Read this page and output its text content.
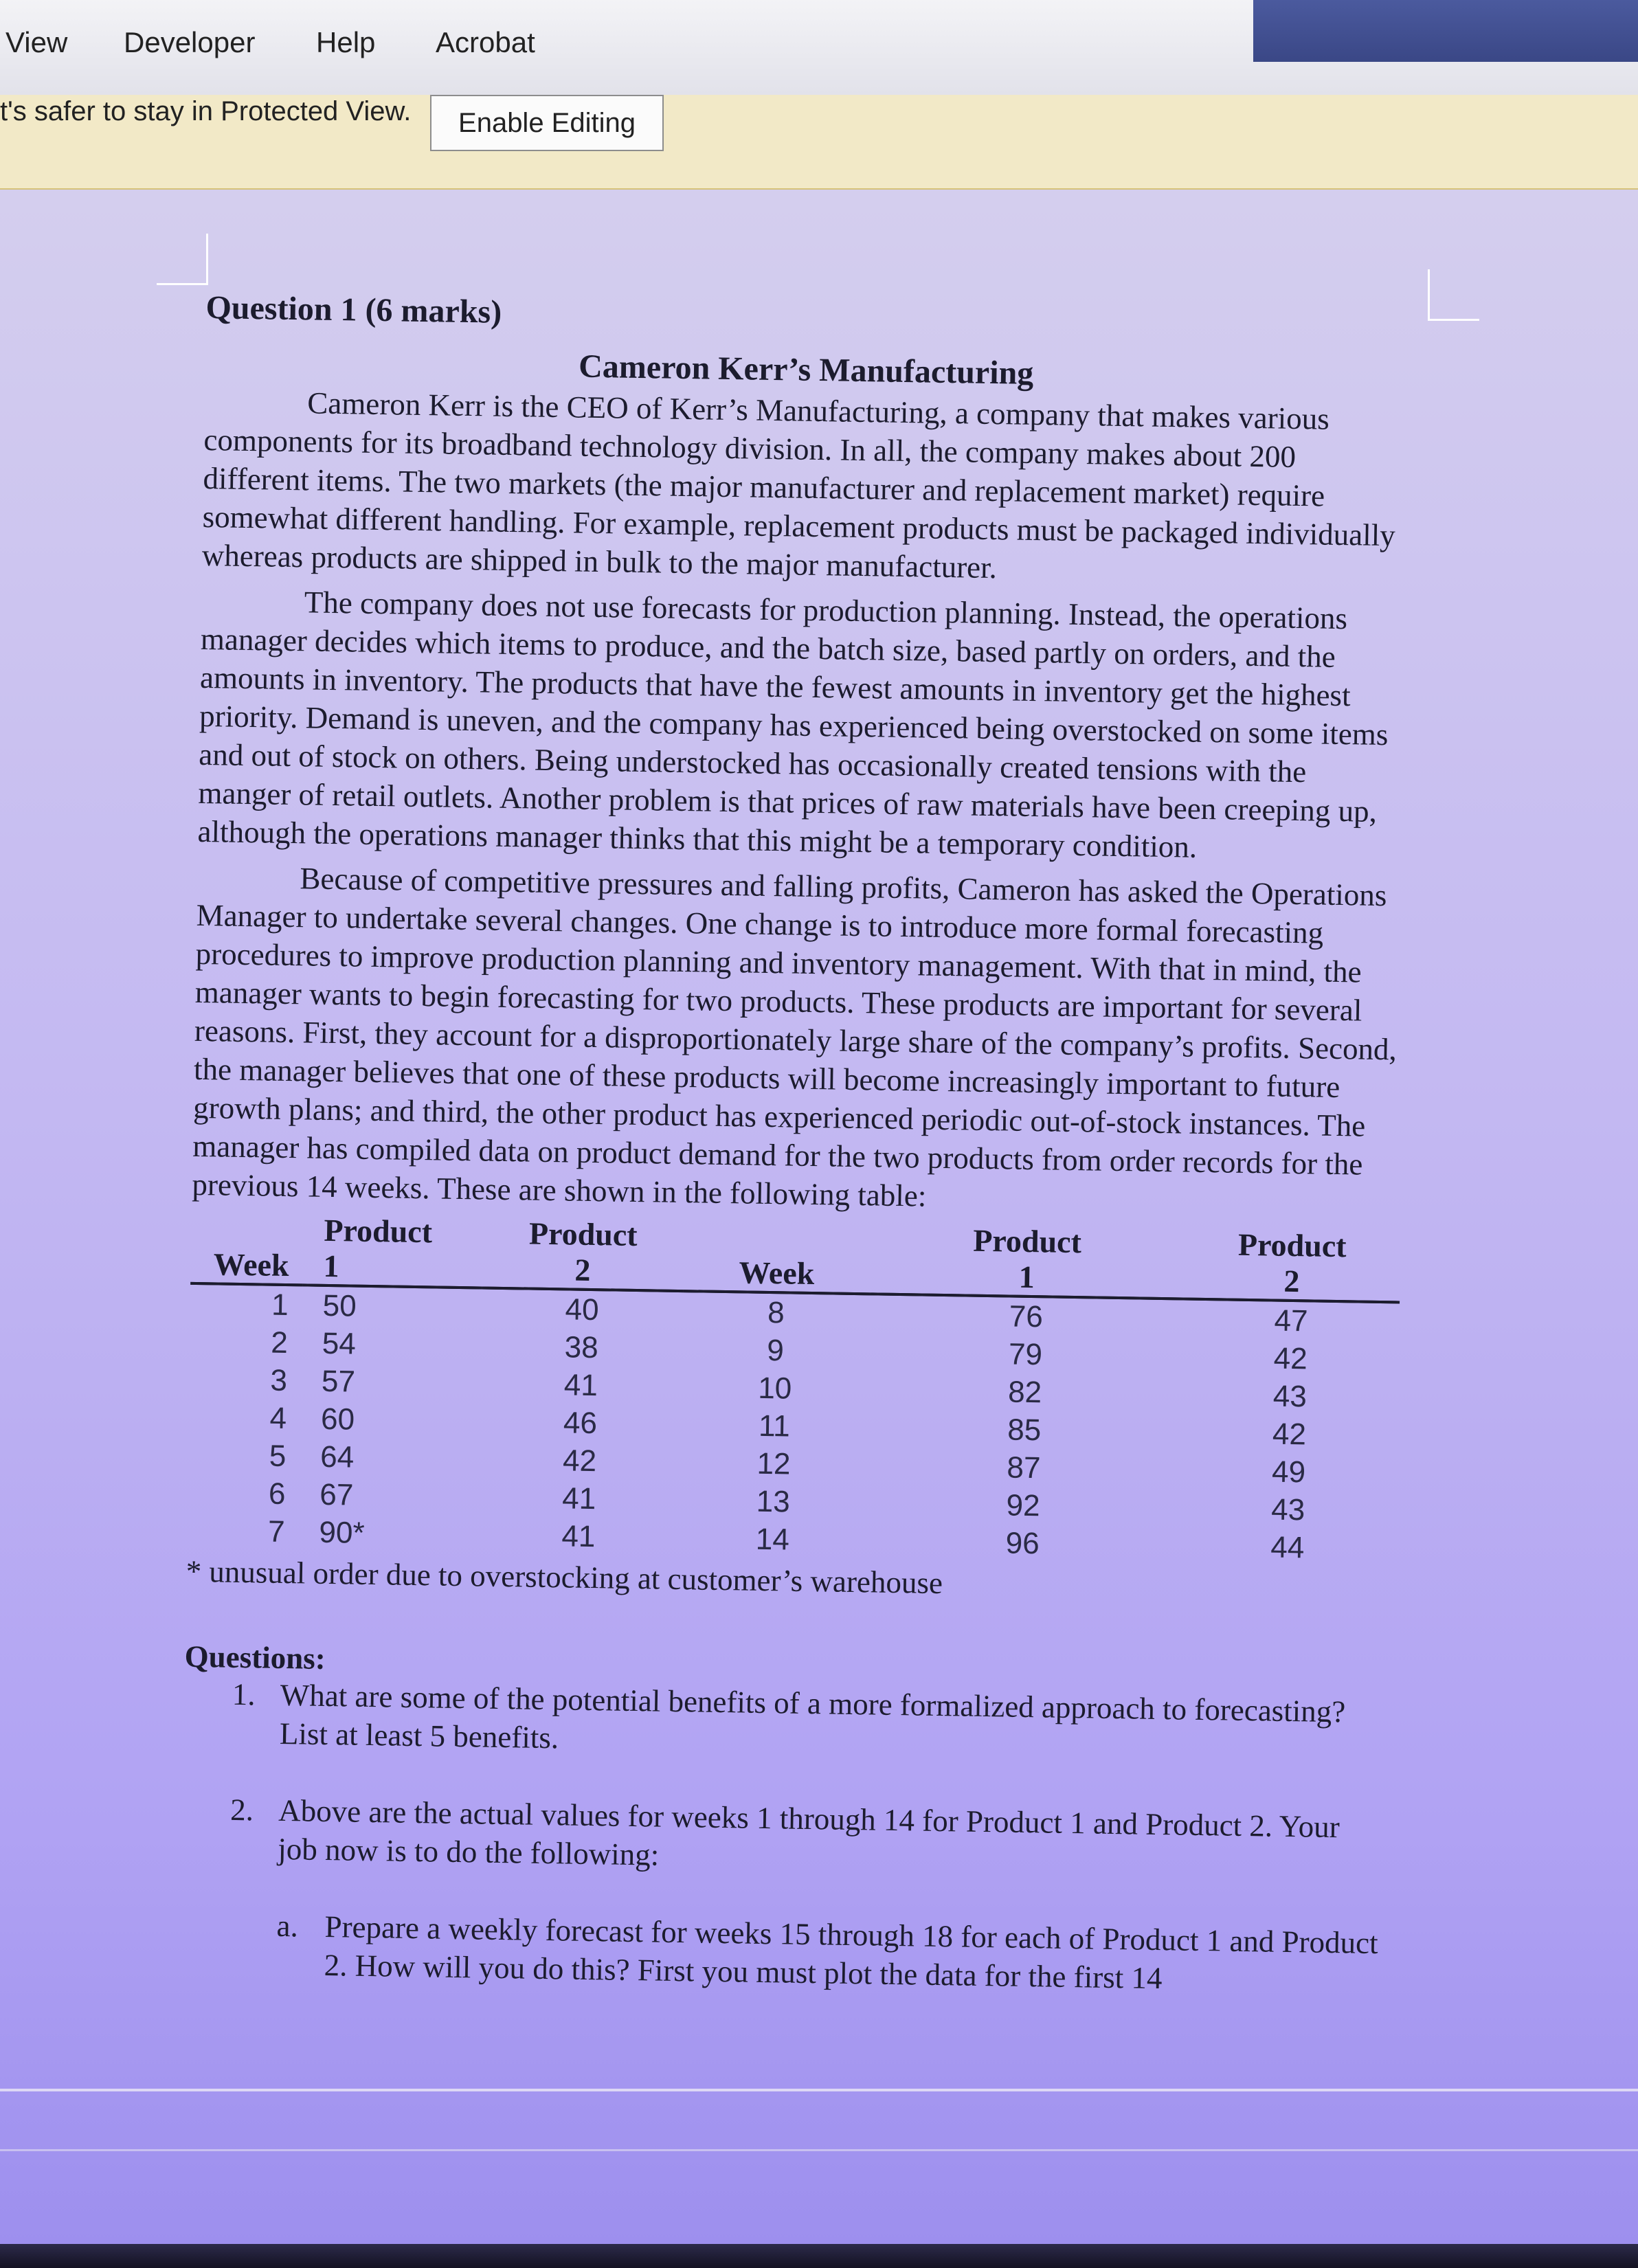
View Developer Help Acrobat
t's safer to stay in Protected View.	Enable Editing
Question 1 (6 marks)
Cameron Kerr’s Manufacturing

Cameron Kerr is the CEO of Kerr’s Manufacturing, a company that makes various components for its broadband technology division. In all, the company makes about 200 different items. The two markets (the major manufacturer and replacement market) require somewhat different handling. For example, replacement products must be packaged individually whereas products are shipped in bulk to the major manufacturer.

The company does not use forecasts for production planning. Instead, the operations manager decides which items to produce, and the batch size, based partly on orders, and the amounts in inventory. The products that have the fewest amounts in inventory get the highest priority. Demand is uneven, and the company has experienced being overstocked on some items and out of stock on others. Being understocked has occasionally created tensions with the manger of retail outlets. Another problem is that prices of raw materials have been creeping up, although the operations manager thinks that this might be a temporary condition.

Because of competitive pressures and falling profits, Cameron has asked the Operations Manager to undertake several changes. One change is to introduce more formal forecasting procedures to improve production planning and inventory management. With that in mind, the manager wants to begin forecasting for two products. These products are important for several reasons. First, they account for a disproportionately large share of the company’s profits. Second, the manager believes that one of these products will become increasingly important to future growth plans; and third, the other product has experienced periodic out-of-stock instances. The manager has compiled data on product demand for the two products from order records for the previous 14 weeks. These are shown in the following table:

	Product	Product		Product	Product
Week	1	2	Week	1	2
1	50	40	8	76	47
2	54	38	9	79	42
3	57	41	10	82	43
4	60	46	11	85	42
5	64	42	12	87	49
6	67	41	13	92	43
7	90*	41	14	96	44
* unusual order due to overstocking at customer’s warehouse
Questions:
1. What are some of the potential benefits of a more formalized approach to forecasting? List at least 5 benefits.
2. Above are the actual values for weeks 1 through 14 for Product 1 and Product 2. Your job now is to do the following:
a. Prepare a weekly forecast for weeks 15 through 18 for each of Product 1 and Product 2. How will you do this? First you must plot the data for the first 14
